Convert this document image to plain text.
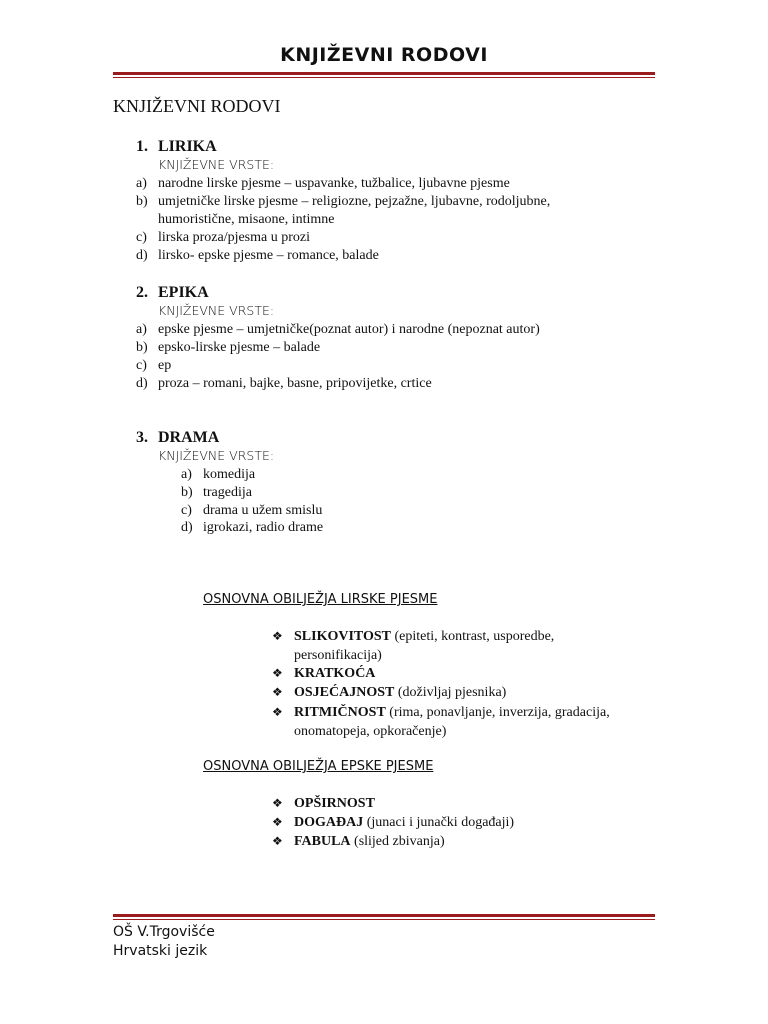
KNJIŽEVNI RODOVI
KNJIŽEVNI RODOVI
1. LIRIKA
KNJIŽEVNE VRSTE:
a) narodne lirske pjesme – uspavanke, tužbalice, ljubavne pjesme
b) umjetničke lirske pjesme – religiozne, pejzažne, ljubavne, rodoljubne,
humoristične, misaone, intimne
c) lirska proza/pjesma u prozi
d) lirsko- epske pjesme – romance, balade
2. EPIKA
KNJIŽEVNE VRSTE:
a) epske pjesme – umjetničke(poznat autor) i narodne (nepoznat autor)
b) epsko-lirske pjesme – balade
c) ep
d) proza – romani, bajke, basne, pripovijetke, crtice
3. DRAMA
KNJIŽEVNE VRSTE:
a) komedija
b) tragedija
c) drama u užem smislu
d) igrokazi, radio drame
OSNOVNA OBILJEŽJA LIRSKE PJESME
❖ SLIKOVITOST (epiteti, kontrast, usporedbe,
personifikacija)
❖ KRATKOĆA
❖ OSJEĆAJNOST (doživljaj pjesnika)
❖ RITMIČNOST (rima, ponavljanje, inverzija, gradacija,
onomatopeja, opkoračenje)
OSNOVNA OBILJEŽJA EPSKE PJESME
❖ OPŠIRNOST
❖ DOGAĐAJ (junaci i junački događaji)
❖ FABULA (slijed zbivanja)
OŠ V.Trgovišće
Hrvatski jezik
